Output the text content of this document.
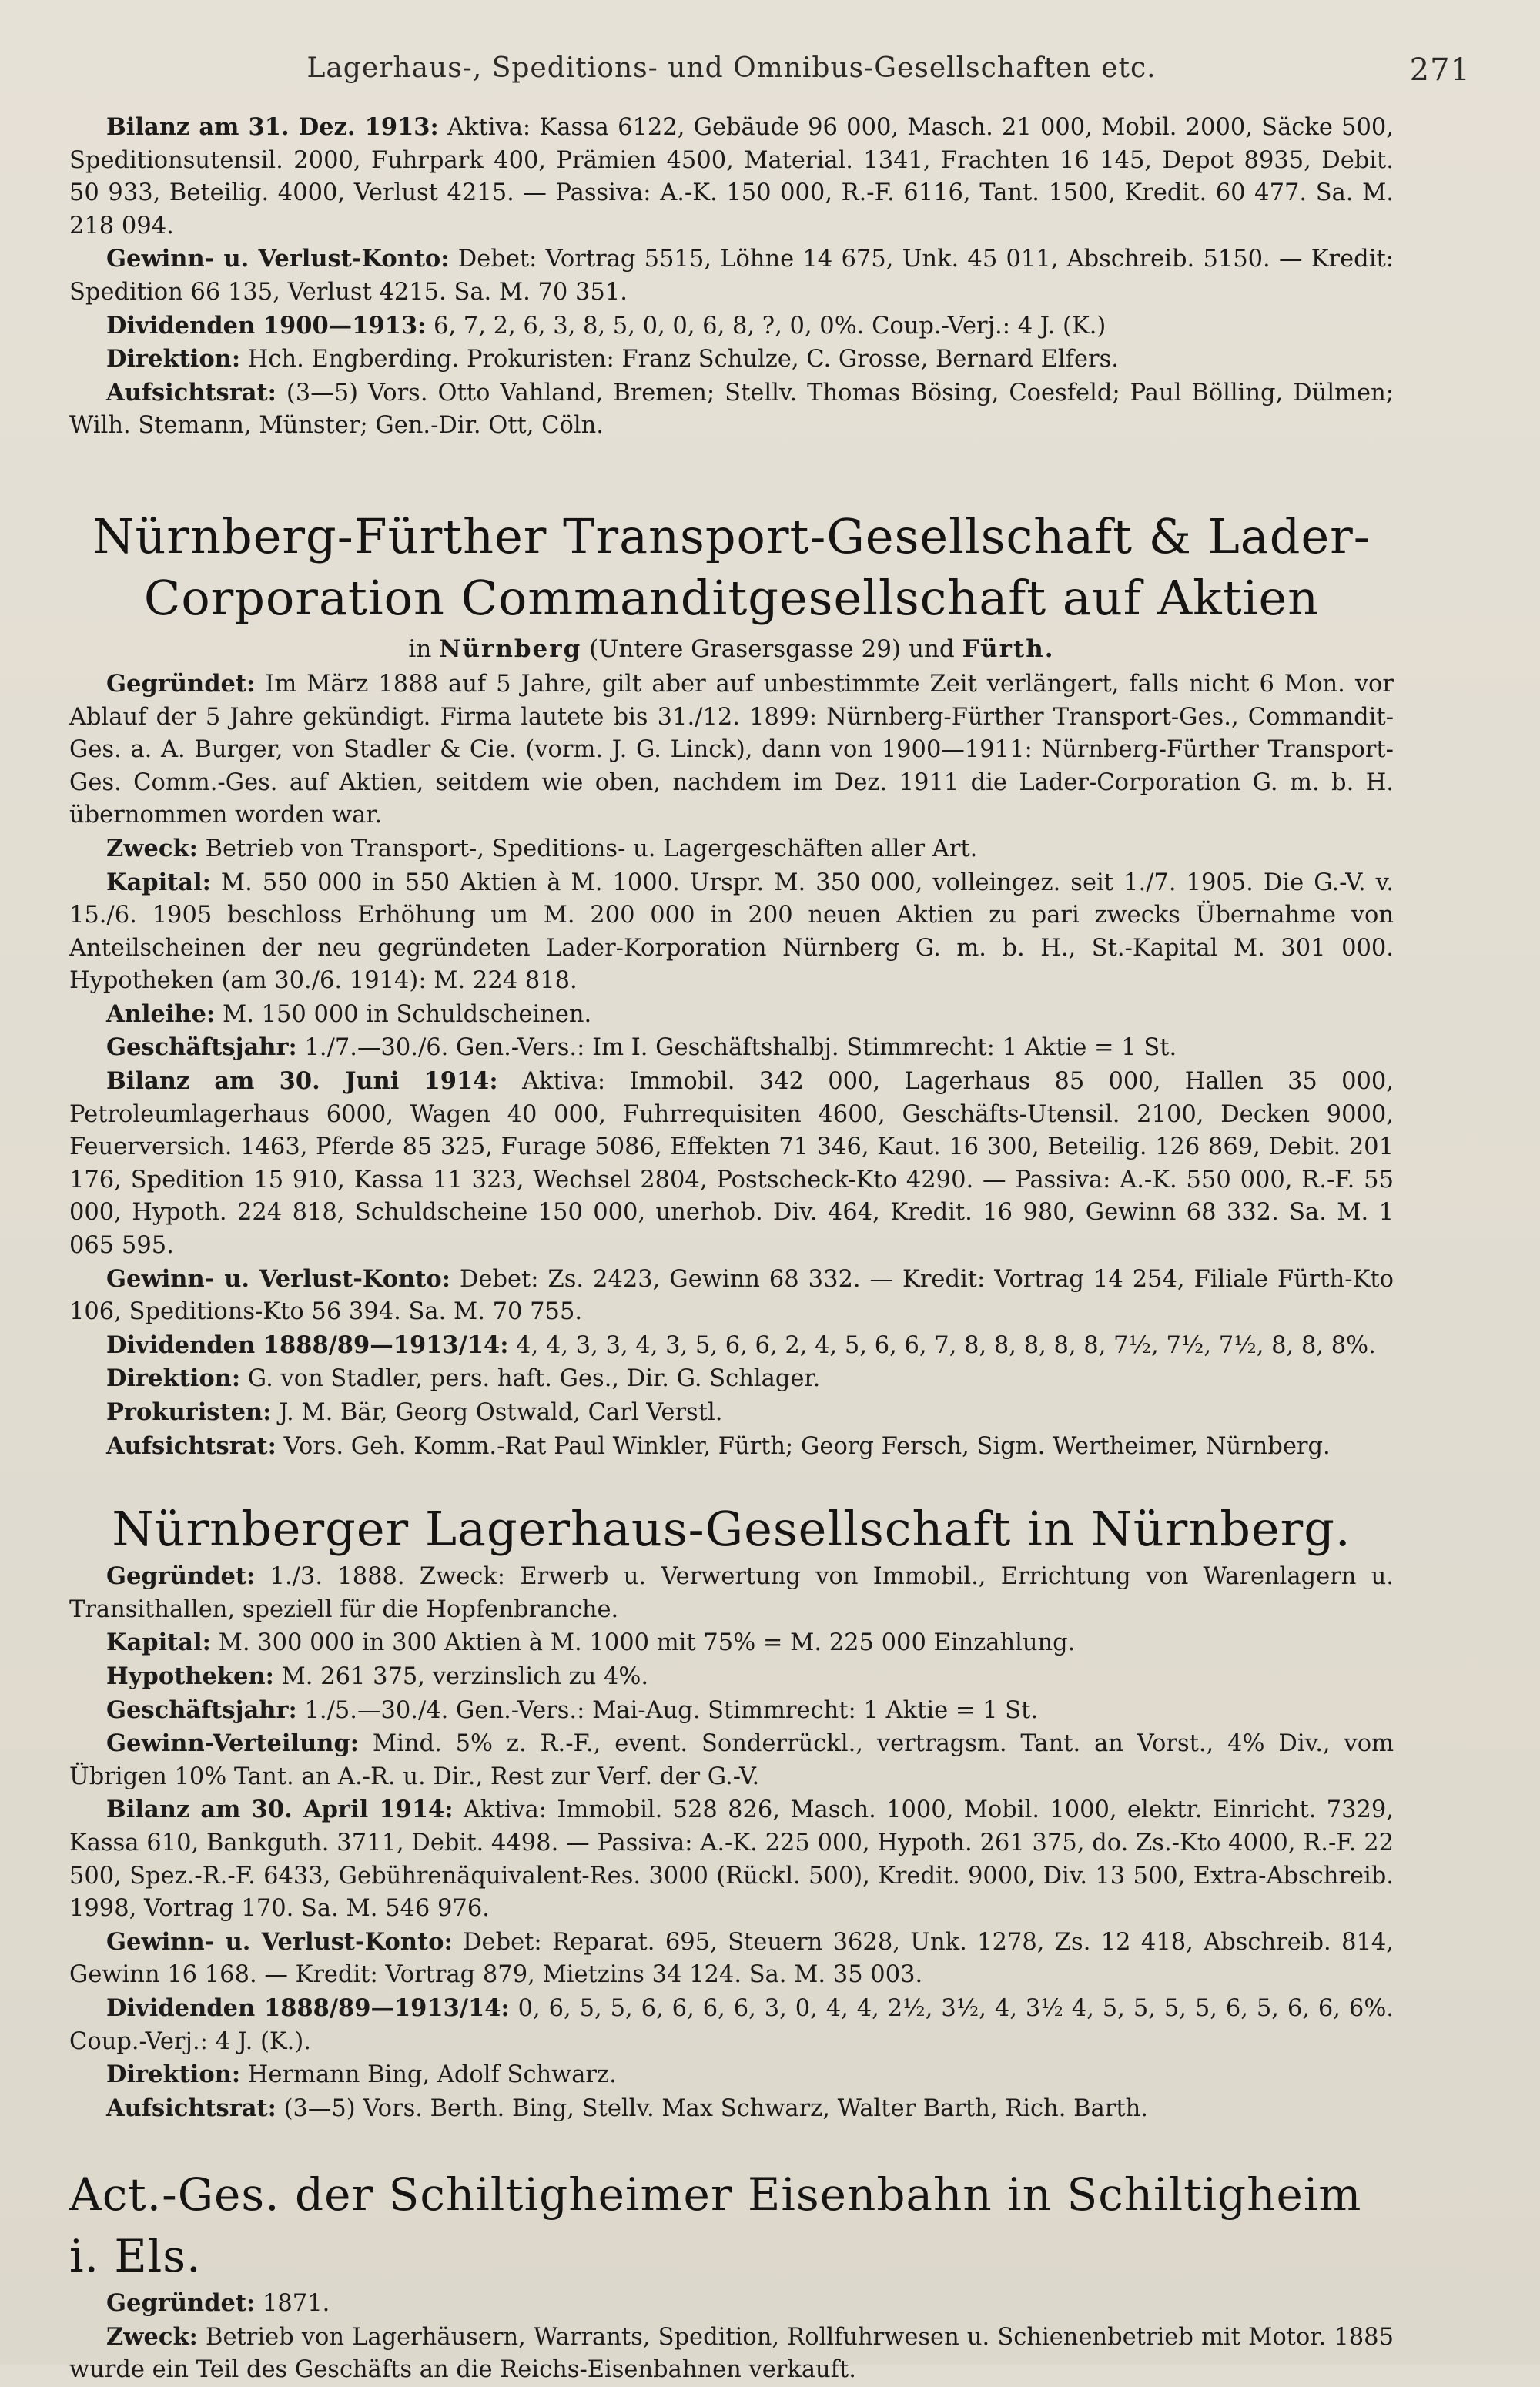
Lagerhaus-, Speditions- und Omnibus-Gesellschaften etc.	271

Bilanz am 31. Dez. 1913: Aktiva: Kassa 6122, Gebäude 96 000, Masch. 21 000, Mobil. 2000, Säcke 500, Speditionsutensil. 2000, Fuhrpark 400, Prämien 4500, Material. 1341, Frachten 16 145, Depot 8935, Debit. 50 933, Beteilig. 4000, Verlust 4215. — Passiva: A.-K. 150 000, R.-F. 6116, Tant. 1500, Kredit. 60 477. Sa. M. 218 094.

Gewinn- u. Verlust-Konto: Debet: Vortrag 5515, Löhne 14 675, Unk. 45 011, Abschreib. 5150. — Kredit: Spedition 66 135, Verlust 4215. Sa. M. 70 351.

Dividenden 1900—1913: 6, 7, 2, 6, 3, 8, 5, 0, 0, 6, 8, ?, 0, 0%. Coup.-Verj.: 4 J. (K.)

Direktion: Hch. Engberding. Prokuristen: Franz Schulze, C. Grosse, Bernard Elfers.

Aufsichtsrat: (3—5) Vors. Otto Vahland, Bremen; Stellv. Thomas Bösing, Coesfeld; Paul Bölling, Dülmen; Wilh. Stemann, Münster; Gen.-Dir. Ott, Cöln.

Nürnberg-Fürther Transport-Gesellschaft & Lader-
Corporation Commanditgesellschaft auf Aktien
in Nürnberg (Untere Grasersgasse 29) und Fürth.

Gegründet: Im März 1888 auf 5 Jahre, gilt aber auf unbestimmte Zeit verlängert, falls nicht 6 Mon. vor Ablauf der 5 Jahre gekündigt. Firma lautete bis 31./12. 1899: Nürnberg-Fürther Transport-Ges., Commandit-Ges. a. A. Burger, von Stadler & Cie. (vorm. J. G. Linck), dann von 1900—1911: Nürnberg-Fürther Transport-Ges. Comm.-Ges. auf Aktien, seitdem wie oben, nachdem im Dez. 1911 die Lader-Corporation G. m. b. H. übernommen worden war.

Zweck: Betrieb von Transport-, Speditions- u. Lagergeschäften aller Art.

Kapital: M. 550 000 in 550 Aktien à M. 1000. Urspr. M. 350 000, volleingez. seit 1./7. 1905. Die G.-V. v. 15./6. 1905 beschloss Erhöhung um M. 200 000 in 200 neuen Aktien zu pari zwecks Übernahme von Anteilscheinen der neu gegründeten Lader-Korporation Nürnberg G. m. b. H., St.-Kapital M. 301 000. Hypotheken (am 30./6. 1914): M. 224 818.

Anleihe: M. 150 000 in Schuldscheinen.

Geschäftsjahr: 1./7.—30./6. Gen.-Vers.: Im I. Geschäftshalbj. Stimmrecht: 1 Aktie = 1 St.

Bilanz am 30. Juni 1914: Aktiva: Immobil. 342 000, Lagerhaus 85 000, Hallen 35 000, Petroleumlagerhaus 6000, Wagen 40 000, Fuhrrequisiten 4600, Geschäfts-Utensil. 2100, Decken 9000, Feuerversich. 1463, Pferde 85 325, Furage 5086, Effekten 71 346, Kaut. 16 300, Beteilig. 126 869, Debit. 201 176, Spedition 15 910, Kassa 11 323, Wechsel 2804, Postscheck-Kto 4290. — Passiva: A.-K. 550 000, R.-F. 55 000, Hypoth. 224 818, Schuldscheine 150 000, unerhob. Div. 464, Kredit. 16 980, Gewinn 68 332. Sa. M. 1 065 595.

Gewinn- u. Verlust-Konto: Debet: Zs. 2423, Gewinn 68 332. — Kredit: Vortrag 14 254, Filiale Fürth-Kto 106, Speditions-Kto 56 394. Sa. M. 70 755.

Dividenden 1888/89—1913/14: 4, 4, 3, 3, 4, 3, 5, 6, 6, 2, 4, 5, 6, 6, 7, 8, 8, 8, 8, 8, 7½, 7½, 7½, 8, 8, 8%.

Direktion: G. von Stadler, pers. haft. Ges., Dir. G. Schlager.

Prokuristen: J. M. Bär, Georg Ostwald, Carl Verstl.

Aufsichtsrat: Vors. Geh. Komm.-Rat Paul Winkler, Fürth; Georg Fersch, Sigm. Wertheimer, Nürnberg.

Nürnberger Lagerhaus-Gesellschaft in Nürnberg.

Gegründet: 1./3. 1888. Zweck: Erwerb u. Verwertung von Immobil., Errichtung von Warenlagern u. Transithallen, speziell für die Hopfenbranche.

Kapital: M. 300 000 in 300 Aktien à M. 1000 mit 75% = M. 225 000 Einzahlung.

Hypotheken: M. 261 375, verzinslich zu 4%.

Geschäftsjahr: 1./5.—30./4. Gen.-Vers.: Mai-Aug. Stimmrecht: 1 Aktie = 1 St.

Gewinn-Verteilung: Mind. 5% z. R.-F., event. Sonderrückl., vertragsm. Tant. an Vorst., 4% Div., vom Übrigen 10% Tant. an A.-R. u. Dir., Rest zur Verf. der G.-V.

Bilanz am 30. April 1914: Aktiva: Immobil. 528 826, Masch. 1000, Mobil. 1000, elektr. Einricht. 7329, Kassa 610, Bankguth. 3711, Debit. 4498. — Passiva: A.-K. 225 000, Hypoth. 261 375, do. Zs.-Kto 4000, R.-F. 22 500, Spez.-R.-F. 6433, Gebührenäquivalent-Res. 3000 (Rückl. 500), Kredit. 9000, Div. 13 500, Extra-Abschreib. 1998, Vortrag 170. Sa. M. 546 976.

Gewinn- u. Verlust-Konto: Debet: Reparat. 695, Steuern 3628, Unk. 1278, Zs. 12 418, Abschreib. 814, Gewinn 16 168. — Kredit: Vortrag 879, Mietzins 34 124. Sa. M. 35 003.

Dividenden 1888/89—1913/14: 0, 6, 5, 5, 6, 6, 6, 6, 3, 0, 4, 4, 2½, 3½, 4, 3½ 4, 5, 5, 5, 5, 6, 5, 6, 6, 6%. Coup.-Verj.: 4 J. (K.).

Direktion: Hermann Bing, Adolf Schwarz.

Aufsichtsrat: (3—5) Vors. Berth. Bing, Stellv. Max Schwarz, Walter Barth, Rich. Barth.

Act.-Ges. der Schiltigheimer Eisenbahn in Schiltigheim i. Els.

Gegründet: 1871.

Zweck: Betrieb von Lagerhäusern, Warrants, Spedition, Rollfuhrwesen u. Schienenbetrieb mit Motor. 1885 wurde ein Teil des Geschäfts an die Reichs-Eisenbahnen verkauft.
